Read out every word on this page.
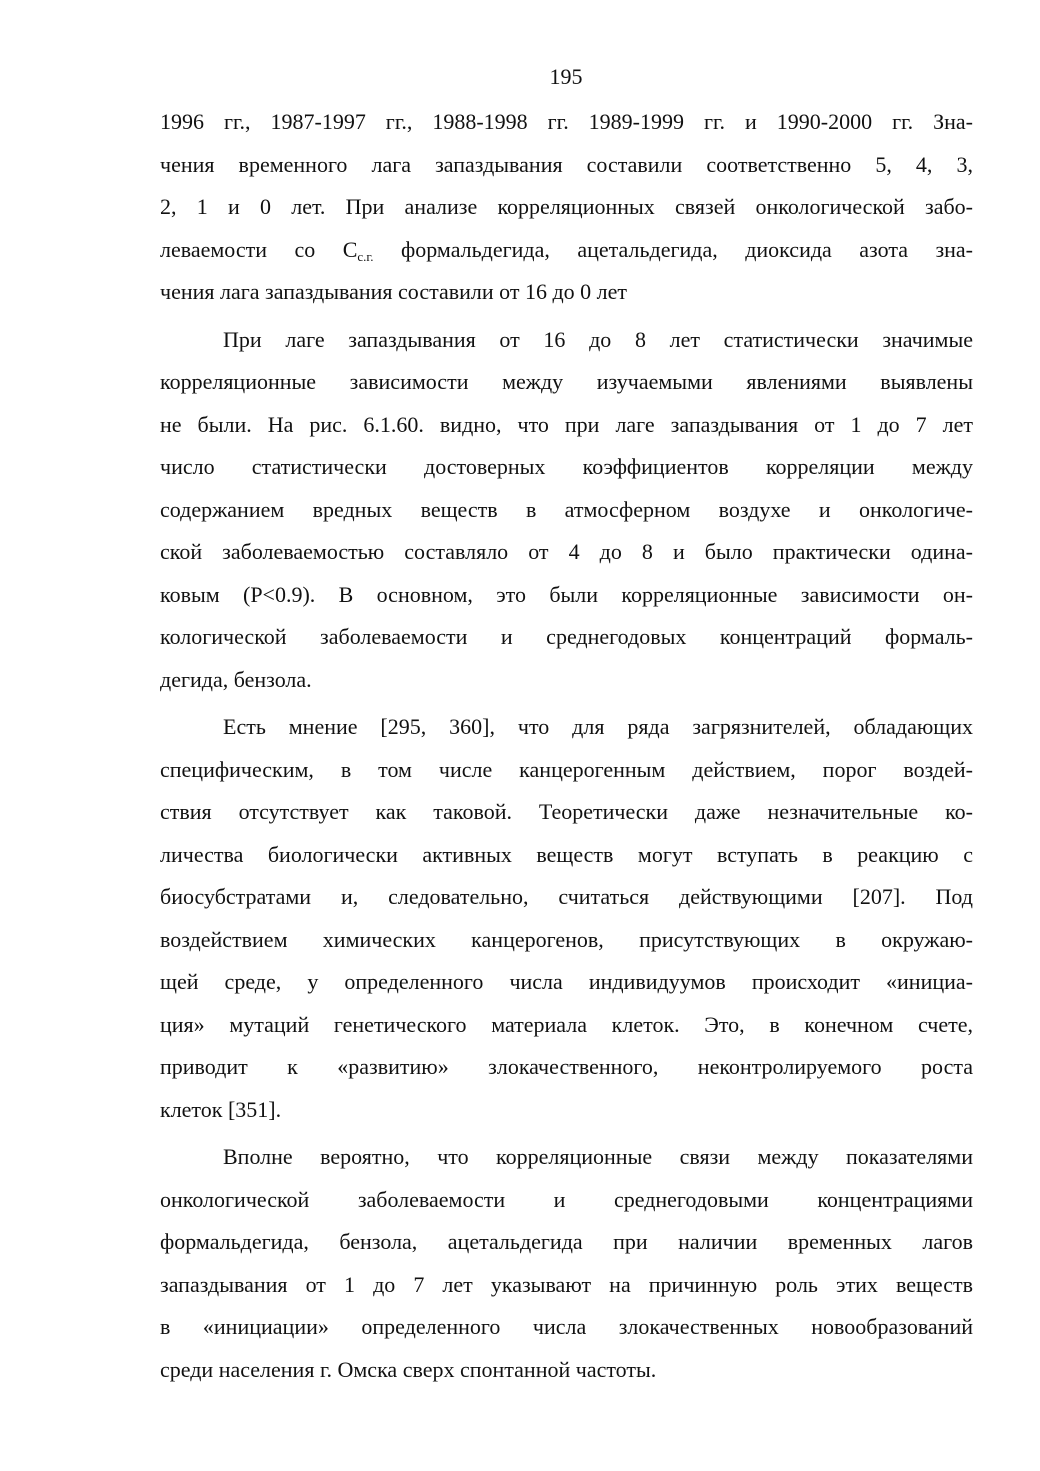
195
1996 гг., 1987-1997 гг., 1988-1998 гг. 1989-1999 гг. и 1990-2000 гг. Зна-
чения временного лага запаздывания составили соответственно 5, 4, 3,
2, 1 и 0 лет. При анализе корреляционных связей онкологической забо-
леваемости со $С_{с.г.}$ формальдегида, ацетальдегида, диоксида азота зна-
чения лага запаздывания составили от 16 до 0 лет
При лаге запаздывания от 16 до 8 лет статистически значимые
корреляционные зависимости между изучаемыми явлениями выявлены
не были. На рис. 6.1.60. видно, что при лаге запаздывания от 1 до 7 лет
число статистически достоверных коэффициентов корреляции между
содержанием вредных веществ в атмосферном воздухе и онкологиче-
ской заболеваемостью составляло от 4 до 8 и было практически одина-
ковым (Р<0.9). В основном, это были корреляционные зависимости он-
кологической заболеваемости и среднегодовых концентраций формаль-
дегида, бензола.
Есть мнение [295, 360], что для ряда загрязнителей, обладающих
специфическим, в том числе канцерогенным действием, порог воздей-
ствия отсутствует как таковой. Теоретически даже незначительные ко-
личества биологически активных веществ могут вступать в реакцию с
биосубстратами и, следовательно, считаться действующими [207]. Под
воздействием химических канцерогенов, присутствующих в окружаю-
щей среде, у определенного числа индивидуумов происходит «инициа-
ция» мутаций генетического материала клеток. Это, в конечном счете,
приводит к «развитию» злокачественного, неконтролируемого роста
клеток [351].
Вполне вероятно, что корреляционные связи между показателями
онкологической заболеваемости и среднегодовыми концентрациями
формальдегида, бензола, ацетальдегида при наличии временных лагов
запаздывания от 1 до 7 лет указывают на причинную роль этих веществ
в «инициации» определенного числа злокачественных новообразований
среди населения г. Омска сверх спонтанной частоты.
